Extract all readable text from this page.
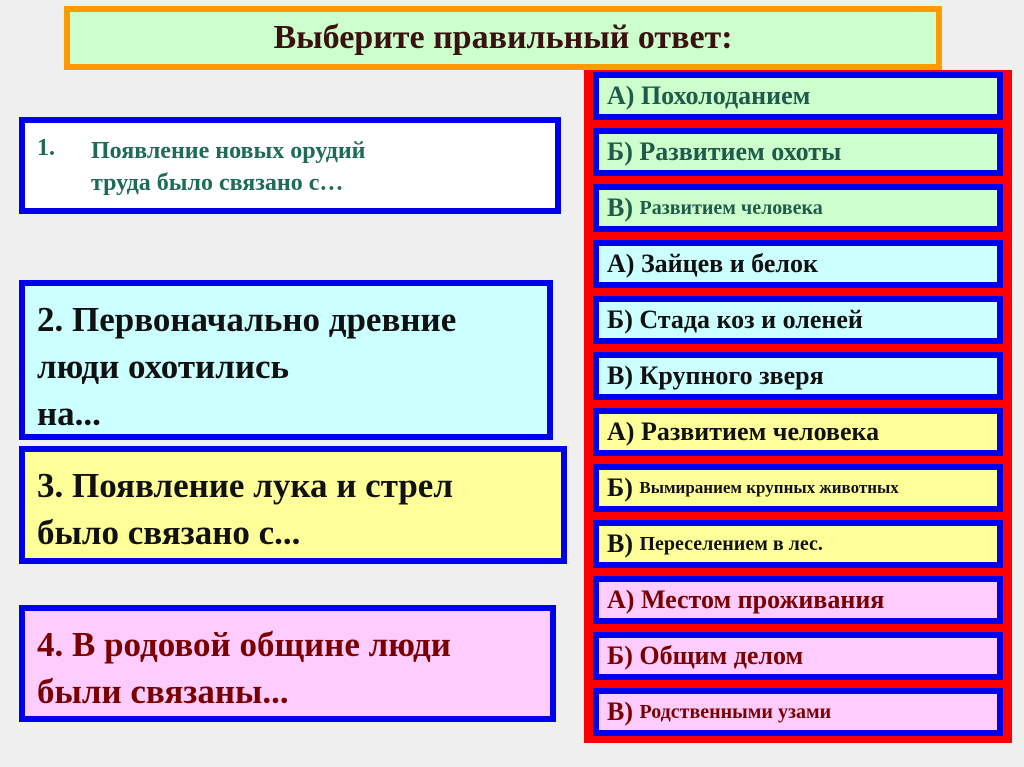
Выберите правильный ответ:
1. Появление новых орудий
труда было связано с…
2. Первоначально древние
люди охотились
на...
3. Появление лука и стрел
было связано с...
4. В родовой общине люди
были связаны...
А)
Похолоданием
Б)
Развитием охоты
В)
Развитием человека
А)
Зайцев и белок
Б)
Стада коз и оленей
В)
Крупного зверя
А)
Развитием человека
Б)
Вымиранием крупных животных
В)
Переселением в лес.
А)
Местом проживания
Б)
Общим делом
В)
Родственными узами
